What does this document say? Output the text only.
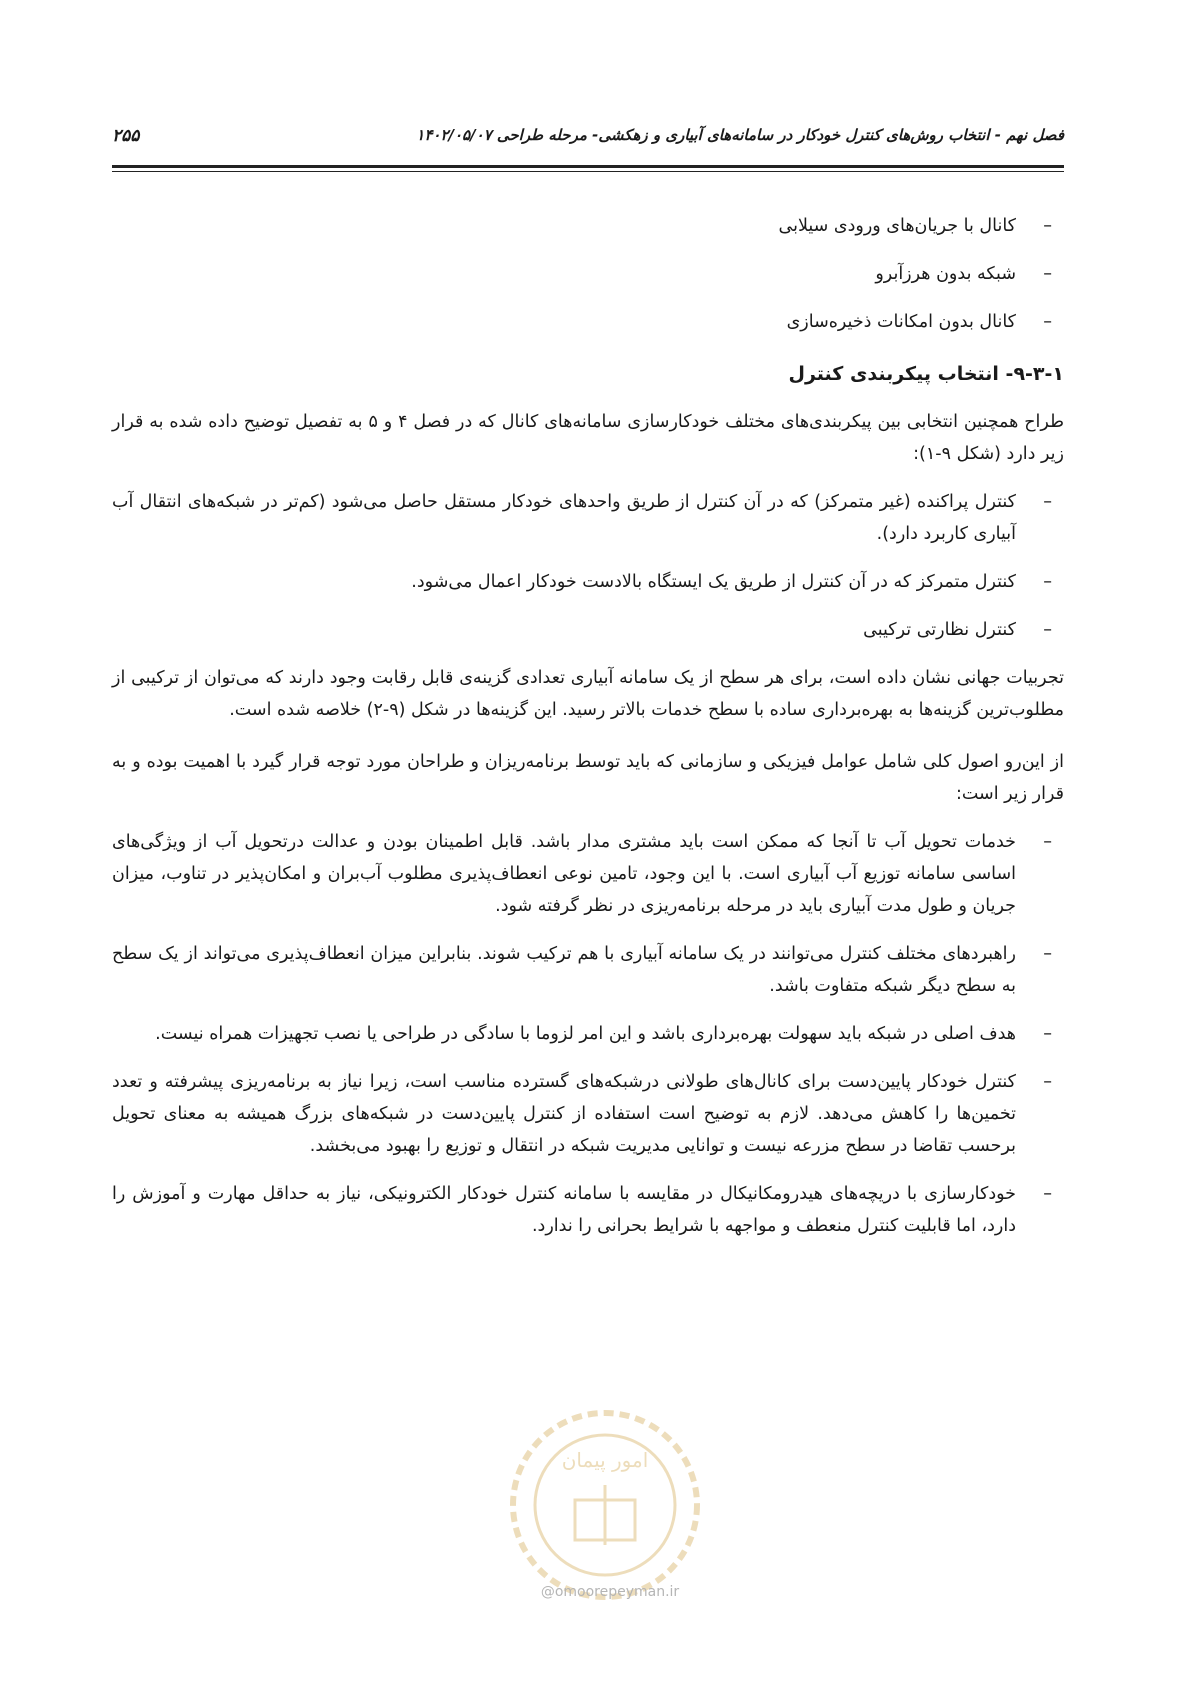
فصل نهم - انتخاب روش‌های کنترل خودکار در سامانه‌های آبیاری و زهکشی- مرحله طراحی ۱۴۰۲/۰۵/۰۷
۲۵۵
–
کانال با جریان‌های ورودی سیلابی
–
شبکه بدون هرزآبرو
–
کانال بدون امکانات ذخیره‌سازی
۹-۳-۱- انتخاب پیکربندی کنترل

طراح همچنین انتخابی بین پیکربندی‌های مختلف خودکارسازی سامانه‌های کانال که در فصل ۴ و ۵ به تفصیل توضیح داده شده به قرار زیر دارد (شکل ۹-۱):

–
کنترل پراکنده (غیر متمرکز) که در آن کنترل از طریق واحدهای خودکار مستقل حاصل می‌شود (کم‌تر در شبکه‌های انتقال آب آبیاری کاربرد دارد).
–
کنترل متمرکز که در آن کنترل از طریق یک ایستگاه بالادست خودکار اعمال می‌شود.
–
کنترل نظارتی ترکیبی

تجربیات جهانی نشان داده است، برای هر سطح از یک سامانه آبیاری تعدادی گزینه‌ی قابل رقابت وجود دارند که می‌توان از ترکیبی از مطلوب‌ترین گزینه‌ها به بهره‌برداری ساده با سطح خدمات بالاتر رسید. این گزینه‌ها در شکل (۹-۲) خلاصه شده است.

از این‌رو اصول کلی شامل عوامل فیزیکی و سازمانی که باید توسط برنامه‌ریزان و طراحان مورد توجه قرار گیرد با اهمیت بوده و به قرار زیر است:

–
خدمات تحویل آب تا آنجا که ممکن است باید مشتری مدار باشد. قابل اطمینان بودن و عدالت درتحویل آب از ویژگی‌های اساسی سامانه توزیع آب آبیاری است. با این وجود، تامین نوعی انعطاف‌پذیری مطلوب آب‌بران و امکان‌پذیر در تناوب، میزان جریان و طول مدت آبیاری باید در مرحله برنامه‌ریزی در نظر گرفته شود.
–
راهبردهای مختلف کنترل می‌توانند در یک سامانه آبیاری با هم ترکیب شوند. بنابراین میزان انعطاف‌پذیری می‌تواند از یک سطح به سطح دیگر شبکه متفاوت باشد.
–
هدف اصلی در شبکه باید سهولت بهره‌برداری باشد و این امر لزوما با سادگی در طراحی یا نصب تجهیزات همراه نیست.
–
کنترل خودکار پایین‌دست برای کانال‌های طولانی درشبکه‌های گسترده مناسب است، زیرا نیاز به برنامه‌ریزی پیشرفته و تعدد تخمین‌ها را کاهش می‌دهد. لازم به توضیح است استفاده از کنترل پایین‌دست در شبکه‌های بزرگ همیشه به معنای تحویل برحسب تقاضا در سطح مزرعه نیست و توانایی مدیریت شبکه در انتقال و توزیع را بهبود می‌بخشد.
–
خودکارسازی با دریچه‌های هیدرومکانیکال در مقایسه با سامانه کنترل خودکار الکترونیکی، نیاز به حداقل مهارت و آموزش را دارد، اما قابلیت کنترل منعطف و مواجهه با شرایط بحرانی را ندارد.
امور پیمان
@omoorepeyman.ir
